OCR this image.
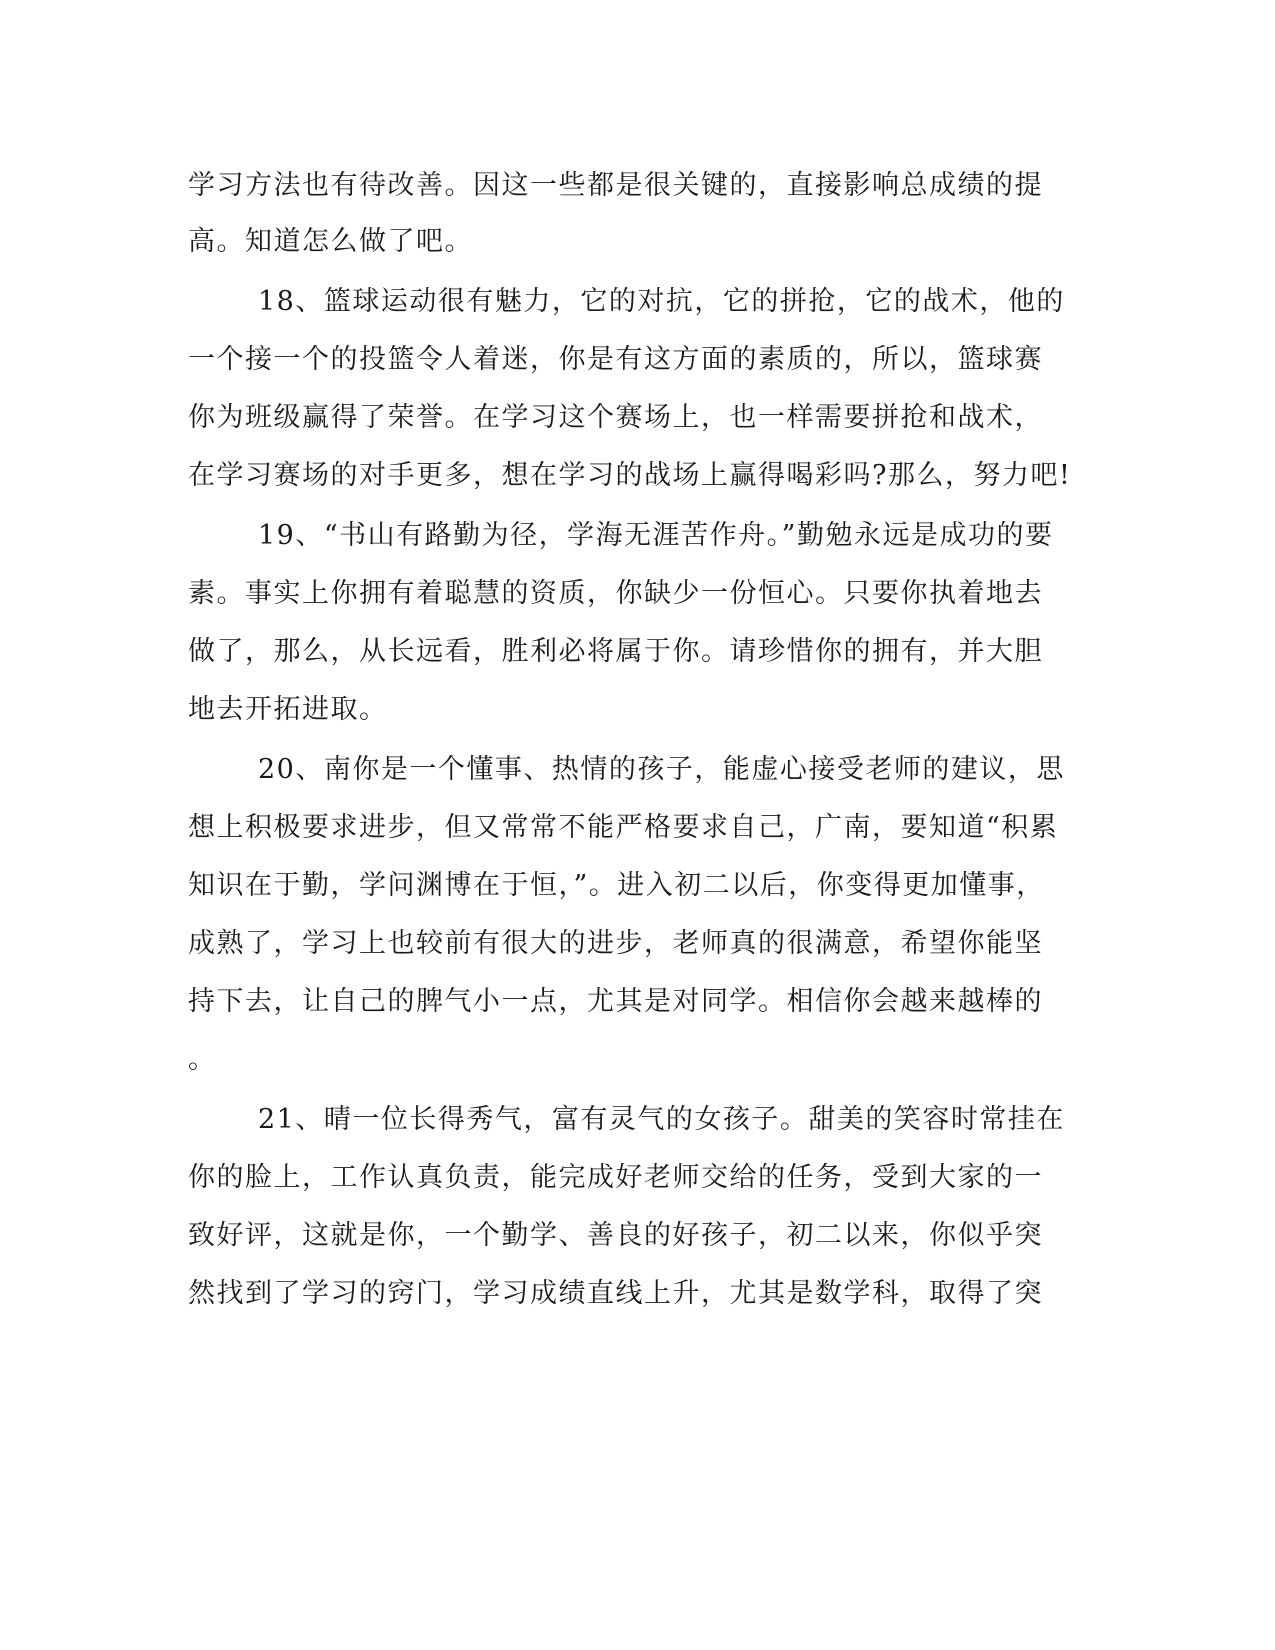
学习方法也有待改善。因这一些都是很关键的，直接影响总成绩的提
高。知道怎么做了吧。
18、篮球运动很有魅力，它的对抗，它的拼抢，它的战术，他的
一个接一个的投篮令人着迷，你是有这方面的素质的，所以，篮球赛
你为班级赢得了荣誉。在学习这个赛场上，也一样需要拼抢和战术，
在学习赛场的对手更多，想在学习的战场上赢得喝彩吗?那么，努力吧!
19、“书山有路勤为径，学海无涯苦作舟。”勤勉永远是成功的要
素。事实上你拥有着聪慧的资质，你缺少一份恒心。只要你执着地去
做了，那么，从长远看，胜利必将属于你。请珍惜你的拥有，并大胆
地去开拓进取。
20、南你是一个懂事、热情的孩子，能虚心接受老师的建议，思
想上积极要求进步，但又常常不能严格要求自己，广南，要知道“积累
知识在于勤，学问渊博在于恒，”。进入初二以后，你变得更加懂事，
成熟了，学习上也较前有很大的进步，老师真的很满意，希望你能坚
持下去，让自己的脾气小一点，尤其是对同学。相信你会越来越棒的
。
21、晴一位长得秀气，富有灵气的女孩子。甜美的笑容时常挂在
你的脸上，工作认真负责，能完成好老师交给的任务，受到大家的一
致好评，这就是你，一个勤学、善良的好孩子，初二以来，你似乎突
然找到了学习的窍门，学习成绩直线上升，尤其是数学科，取得了突
